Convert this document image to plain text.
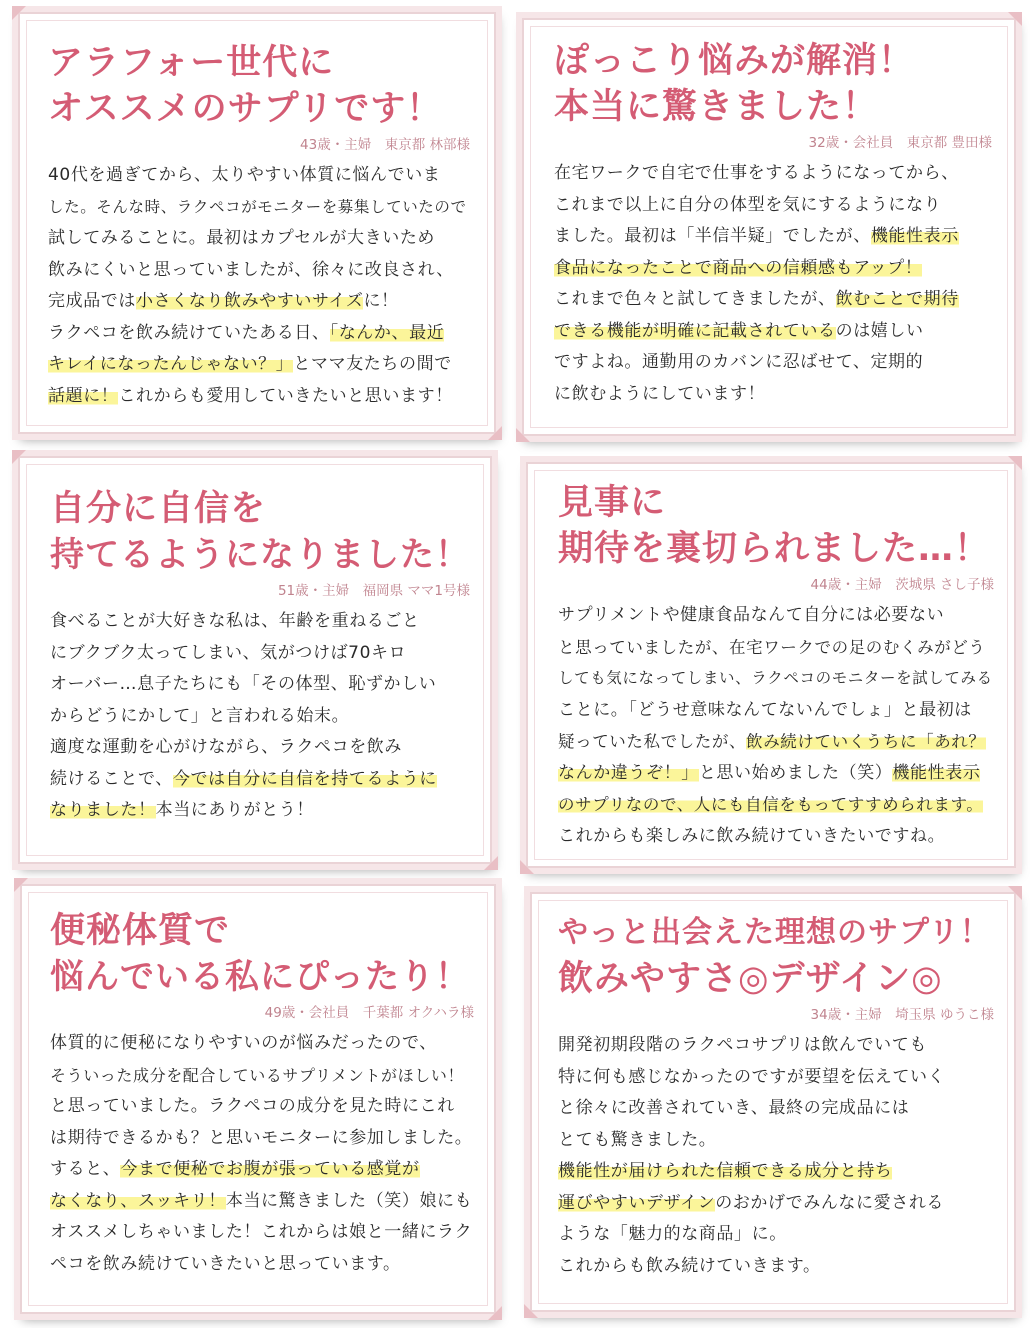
アラフォー世代に
オススメのサプリです！
43歳・主婦　東京都 林部様
40代を過ぎてから、太りやすい体質に悩んでいま
した。そんな時、ラクペコがモニターを募集していたので
試してみることに。最初はカプセルが大きいため
飲みにくいと思っていましたが、徐々に改良され、
完成品では小さくなり飲みやすいサイズに！
ラクペコを飲み続けていたある日、「なんか、最近
キレイになったんじゃない？」とママ友たちの間で
話題に！これからも愛用していきたいと思います！
ぽっこり悩みが解消！
本当に驚きました！
32歳・会社員　東京都 豊田様
在宅ワークで自宅で仕事をするようになってから、
これまで以上に自分の体型を気にするようになり
ました。最初は「半信半疑」でしたが、機能性表示
食品になったことで商品への信頼感もアップ！
これまで色々と試してきましたが、飲むことで期待
できる機能が明確に記載されているのは嬉しい
ですよね。通勤用のカバンに忍ばせて、定期的
に飲むようにしています！
自分に自信を
持てるようになりました！
51歳・主婦　福岡県 ママ1号様
食べることが大好きな私は、年齢を重ねるごと
にブクブク太ってしまい、気がつけば70キロ
オーバー…息子たちにも「その体型、恥ずかしい
からどうにかして」と言われる始末。
適度な運動を心がけながら、ラクペコを飲み
続けることで、今では自分に自信を持てるように
なりました！本当にありがとう！
見事に
期待を裏切られました…！
44歳・主婦　茨城県 さし子様
サプリメントや健康食品なんて自分には必要ない
と思っていましたが、在宅ワークでの足のむくみがどう
しても気になってしまい、ラクペコのモニターを試してみる
ことに。「どうせ意味なんてないんでしょ」と最初は
疑っていた私でしたが、飲み続けていくうちに「あれ？
なんか違うぞ！」と思い始めました（笑）機能性表示
のサプリなので、人にも自信をもってすすめられます。
これからも楽しみに飲み続けていきたいですね。
便秘体質で
悩んでいる私にぴったり！
49歳・会社員　千葉都 オクハラ様
体質的に便秘になりやすいのが悩みだったので、
そういった成分を配合しているサプリメントがほしい！
と思っていました。ラクペコの成分を見た時にこれ
は期待できるかも？と思いモニターに参加しました。
すると、今まで便秘でお腹が張っている感覚が
なくなり、スッキリ！本当に驚きました（笑）娘にも
オススメしちゃいました！これからは娘と一緒にラク
ペコを飲み続けていきたいと思っています。
やっと出会えた理想のサプリ！
飲みやすさ◎デザイン◎
34歳・主婦　埼玉県 ゆうこ様
開発初期段階のラクペコサプリは飲んでいても
特に何も感じなかったのですが要望を伝えていく
と徐々に改善されていき、最終の完成品には
とても驚きました。
機能性が届けられた信頼できる成分と持ち
運びやすいデザインのおかげでみんなに愛される
ような「魅力的な商品」に。
これからも飲み続けていきます。
